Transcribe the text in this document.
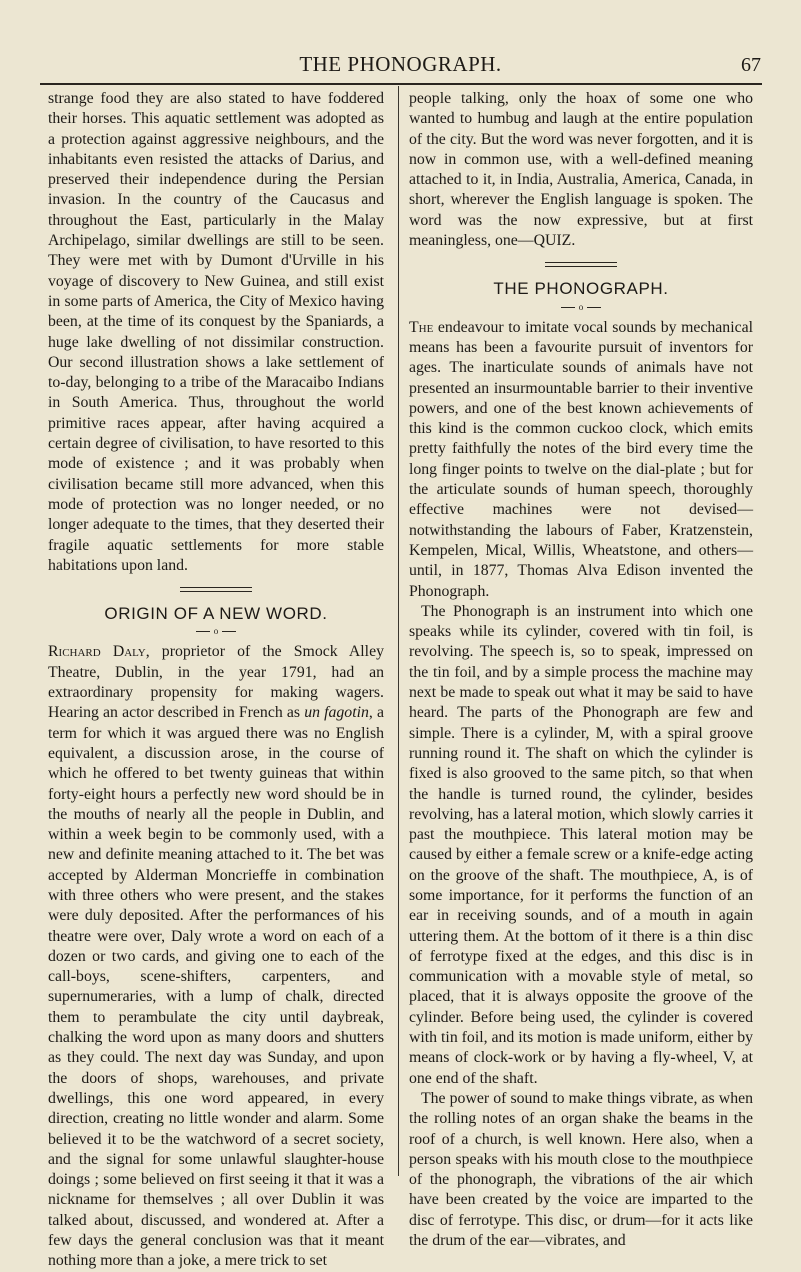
THE PHONOGRAPH.	67

strange food they are also stated to have foddered their horses. This aquatic settlement was adopted as a protection against aggressive neighbours, and the inhabitants even resisted the attacks of Darius, and preserved their independence during the Persian invasion. In the country of the Caucasus and throughout the East, particularly in the Malay Archipelago, similar dwellings are still to be seen. They were met with by Dumont d'Urville in his voyage of discovery to New Guinea, and still exist in some parts of America, the City of Mexico having been, at the time of its conquest by the Spaniards, a huge lake dwelling of not dissimilar construction. Our second illustration shows a lake settlement of to-day, belonging to a tribe of the Maracaibo Indians in South America. Thus, throughout the world primitive races appear, after having acquired a certain degree of civilisation, to have resorted to this mode of existence ; and it was probably when civilisation became still more advanced, when this mode of protection was no longer needed, or no longer adequate to the times, that they deserted their fragile aquatic settlements for more stable habitations upon land.

ORIGIN OF A NEW WORD.
o

Richard Daly, proprietor of the Smock Alley Theatre, Dublin, in the year 1791, had an extraordinary propensity for making wagers. Hearing an actor described in French as un fagotin, a term for which it was argued there was no English equivalent, a discussion arose, in the course of which he offered to bet twenty guineas that within forty-eight hours a perfectly new word should be in the mouths of nearly all the people in Dublin, and within a week begin to be commonly used, with a new and definite meaning attached to it. The bet was accepted by Alderman Moncrieffe in combination with three others who were present, and the stakes were duly deposited. After the performances of his theatre were over, Daly wrote a word on each of a dozen or two cards, and giving one to each of the call-boys, scene-shifters, carpenters, and supernumeraries, with a lump of chalk, directed them to perambulate the city until daybreak, chalking the word upon as many doors and shutters as they could. The next day was Sunday, and upon the doors of shops, warehouses, and private dwellings, this one word appeared, in every direction, creating no little wonder and alarm. Some believed it to be the watchword of a secret society, and the signal for some unlawful slaughter-house doings ; some believed on first seeing it that it was a nickname for themselves ; all over Dublin it was talked about, discussed, and wondered at. After a few days the general conclusion was that it meant nothing more than a joke, a mere trick to set

people talking, only the hoax of some one who wanted to humbug and laugh at the entire population of the city. But the word was never forgotten, and it is now in common use, with a well-defined meaning attached to it, in India, Australia, America, Canada, in short, wherever the English language is spoken. The word was the now expressive, but at first meaningless, one—QUIZ.

THE PHONOGRAPH.
o

The endeavour to imitate vocal sounds by mechanical means has been a favourite pursuit of inventors for ages. The inarticulate sounds of animals have not presented an insurmountable barrier to their inventive powers, and one of the best known achievements of this kind is the common cuckoo clock, which emits pretty faithfully the notes of the bird every time the long finger points to twelve on the dial-plate ; but for the articulate sounds of human speech, thoroughly effective machines were not devised—notwithstanding the labours of Faber, Kratzenstein, Kempelen, Mical, Willis, Wheatstone, and others—until, in 1877, Thomas Alva Edison invented the Phonograph.

The Phonograph is an instrument into which one speaks while its cylinder, covered with tin foil, is revolving. The speech is, so to speak, impressed on the tin foil, and by a simple process the machine may next be made to speak out what it may be said to have heard. The parts of the Phonograph are few and simple. There is a cylinder, M, with a spiral groove running round it. The shaft on which the cylinder is fixed is also grooved to the same pitch, so that when the handle is turned round, the cylinder, besides revolving, has a lateral motion, which slowly carries it past the mouthpiece. This lateral motion may be caused by either a female screw or a knife-edge acting on the groove of the shaft. The mouthpiece, A, is of some importance, for it performs the function of an ear in receiving sounds, and of a mouth in again uttering them. At the bottom of it there is a thin disc of ferrotype fixed at the edges, and this disc is in communication with a movable style of metal, so placed, that it is always opposite the groove of the cylinder. Before being used, the cylinder is covered with tin foil, and its motion is made uniform, either by means of clock-work or by having a fly-wheel, V, at one end of the shaft.

The power of sound to make things vibrate, as when the rolling notes of an organ shake the beams in the roof of a church, is well known. Here also, when a person speaks with his mouth close to the mouthpiece of the phonograph, the vibrations of the air which have been created by the voice are imparted to the disc of ferrotype. This disc, or drum—for it acts like the drum of the ear—vibrates, and
